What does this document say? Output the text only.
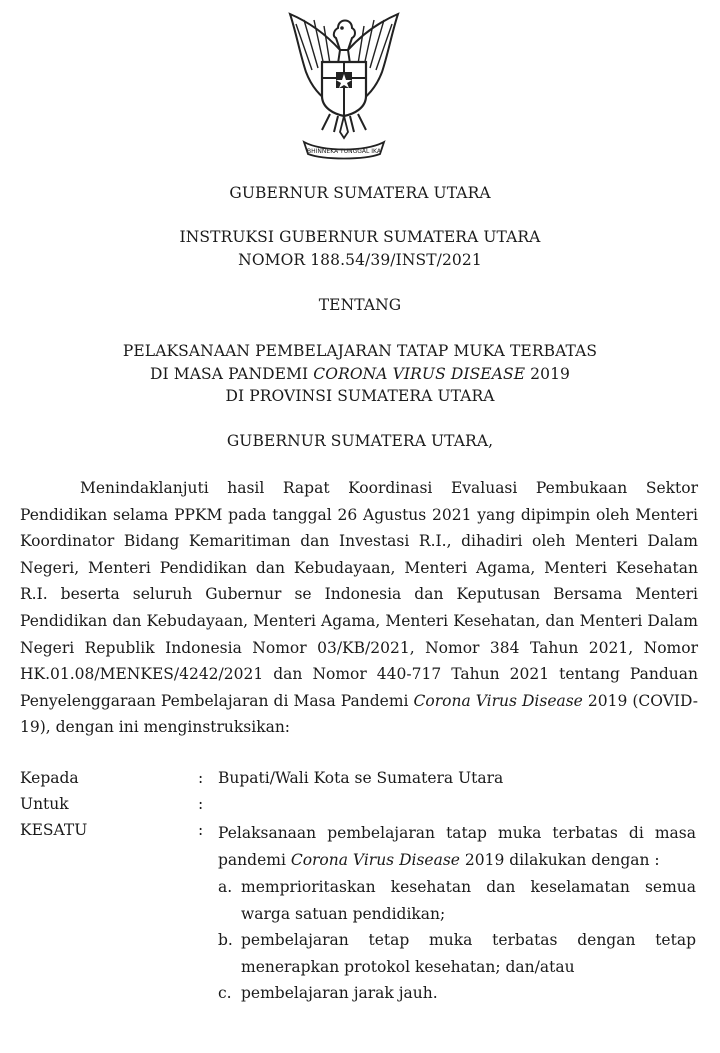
BHINNEKA TUNGGAL IKA
GUBERNUR SUMATERA UTARA
INSTRUKSI GUBERNUR SUMATERA UTARA
NOMOR 188.54/39/INST/2021
TENTANG
PELAKSANAAN PEMBELAJARAN TATAP MUKA TERBATAS
DI MASA PANDEMI CORONA VIRUS DISEASE 2019
DI PROVINSI SUMATERA UTARA
GUBERNUR SUMATERA UTARA,

Menindaklanjuti hasil Rapat Koordinasi Evaluasi Pembukaan Sektor Pendidikan selama PPKM pada tanggal 26 Agustus 2021 yang dipimpin oleh Menteri Koordinator Bidang Kemaritiman dan Investasi R.I., dihadiri oleh Menteri Dalam Negeri, Menteri Pendidikan dan Kebudayaan, Menteri Agama, Menteri Kesehatan R.I. beserta seluruh Gubernur se Indonesia dan Keputusan Bersama Menteri Pendidikan dan Kebudayaan, Menteri Agama, Menteri Kesehatan, dan Menteri Dalam Negeri Republik Indonesia Nomor 03/KB/2021, Nomor 384 Tahun 2021, Nomor HK.01.08/MENKES/4242/2021 dan Nomor 440-717 Tahun 2021 tentang Panduan Penyelenggaraan Pembelajaran di Masa Pandemi Corona Virus Disease 2019 (COVID-19), dengan ini menginstruksikan:

Kepada	: Bupati/Wali Kota se Sumatera Utara
Untuk	:
KESATU	: Pelaksanaan pembelajaran tatap muka terbatas di masa pandemi Corona Virus Disease 2019 dilakukan dengan :
a. memprioritaskan kesehatan dan keselamatan semua warga satuan pendidikan;
b. pembelajaran tetap muka terbatas dengan tetap menerapkan protokol kesehatan; dan/atau
c. pembelajaran jarak jauh.
